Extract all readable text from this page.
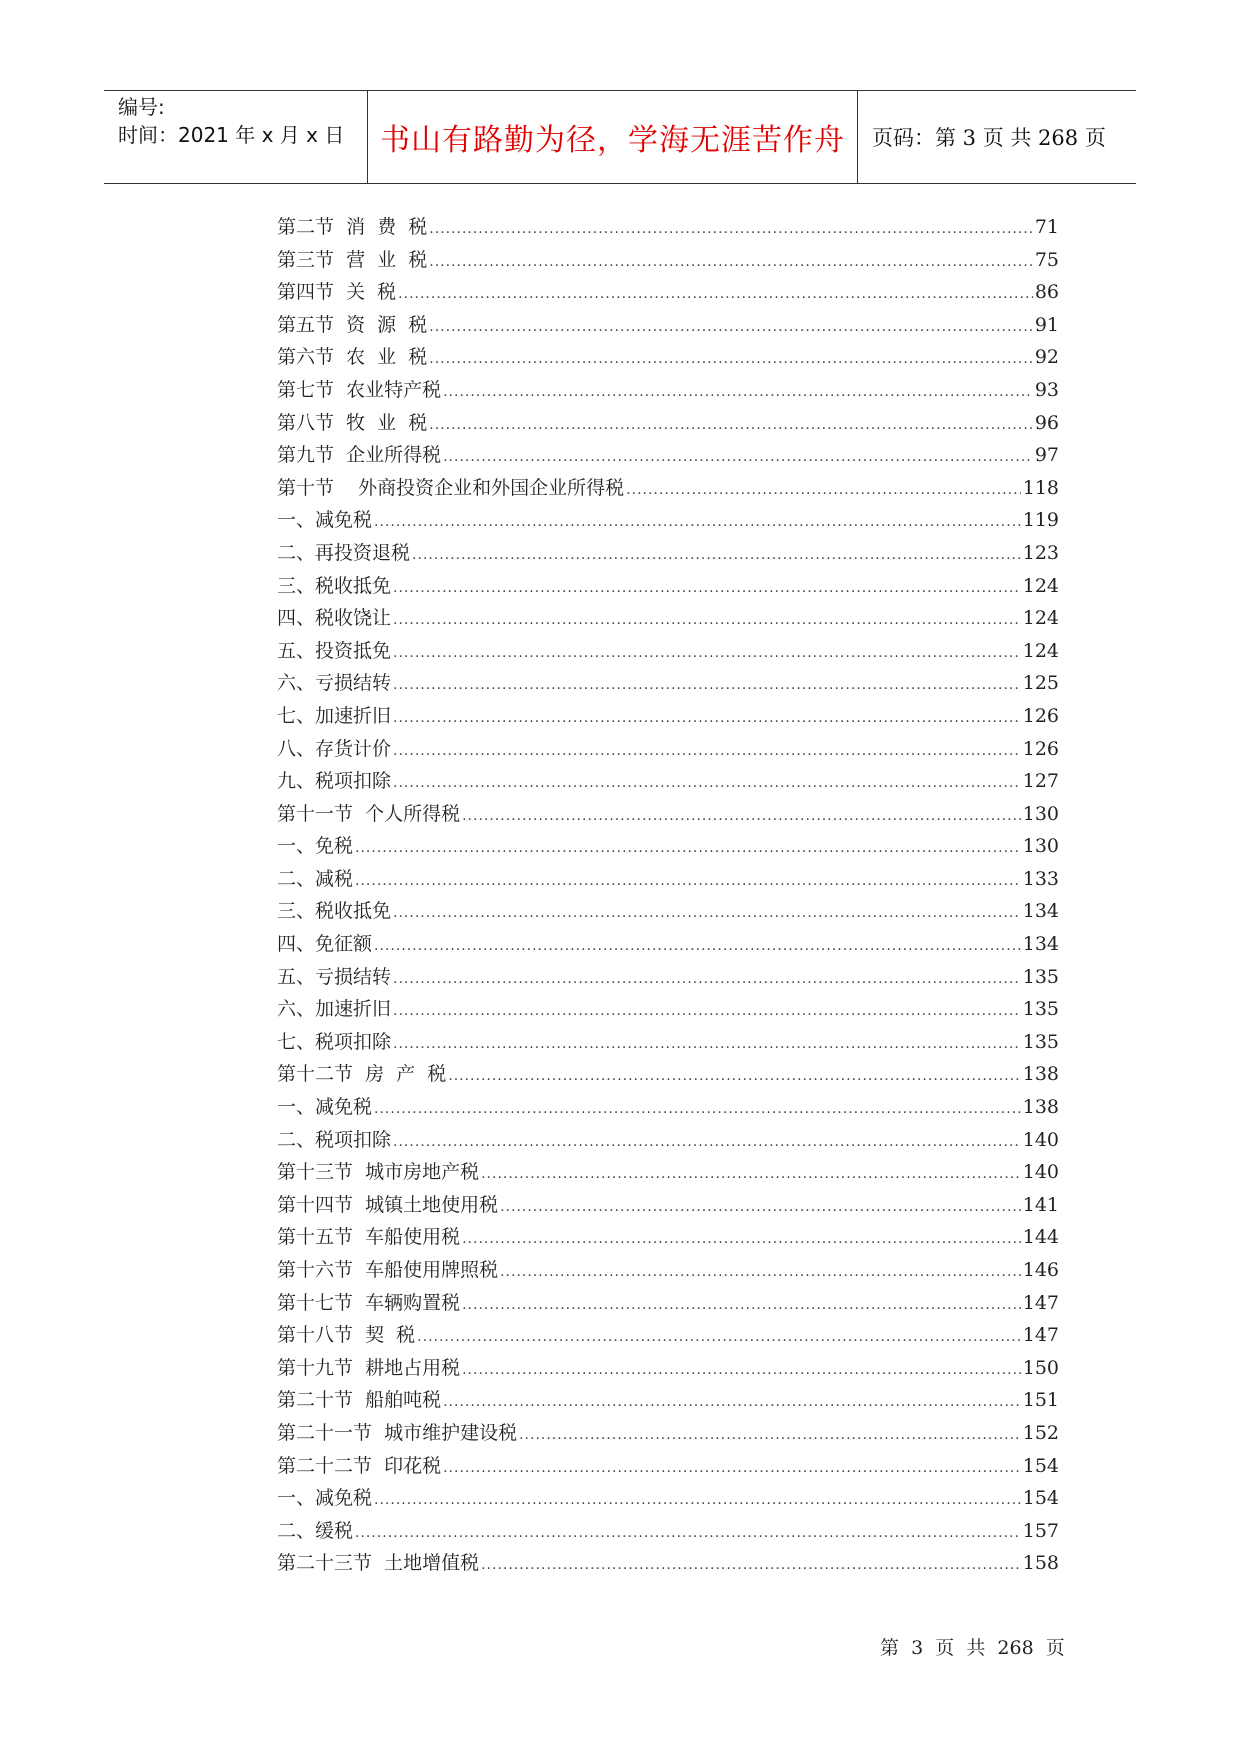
编号:
时间：2021 年 x 月 x 日	书山有路勤为径，学海无涯苦作舟	页码：第 3 页 共 268 页
第二节  消  费  税 .....	71
第三节  营  业  税 .....	75
第四节  关  税 .....	86
第五节  资  源  税 .....	91
第六节  农  业  税 .....	92
第七节  农业特产税 .....	93
第八节  牧  业  税 .....	96
第九节  企业所得税 .....	97
第十节    外商投资企业和外国企业所得税 .....	118
一、减免税 .....	119
二、再投资退税 .....	123
三、税收抵免 .....	124
四、税收饶让 .....	124
五、投资抵免 .....	124
六、亏损结转 .....	125
七、加速折旧 .....	126
八、存货计价 .....	126
九、税项扣除 .....	127
第十一节  个人所得税 .....	130
一、免税 .....	130
二、减税 .....	133
三、税收抵免 .....	134
四、免征额 .....	134
五、亏损结转 .....	135
六、加速折旧 .....	135
七、税项扣除 .....	135
第十二节  房  产  税 .....	138
一、减免税 .....	138
二、税项扣除 .....	140
第十三节  城市房地产税 .....	140
第十四节  城镇土地使用税 .....	141
第十五节  车船使用税 .....	144
第十六节  车船使用牌照税 .....	146
第十七节  车辆购置税 .....	147
第十八节  契  税 .....	147
第十九节  耕地占用税 .....	150
第二十节  船舶吨税 .....	151
第二十一节  城市维护建设税 .....	152
第二十二节  印花税 .....	154
一、减免税 .....	154
二、缓税 .....	157
第二十三节  土地增值税 .....	158
第  3  页  共  268  页
